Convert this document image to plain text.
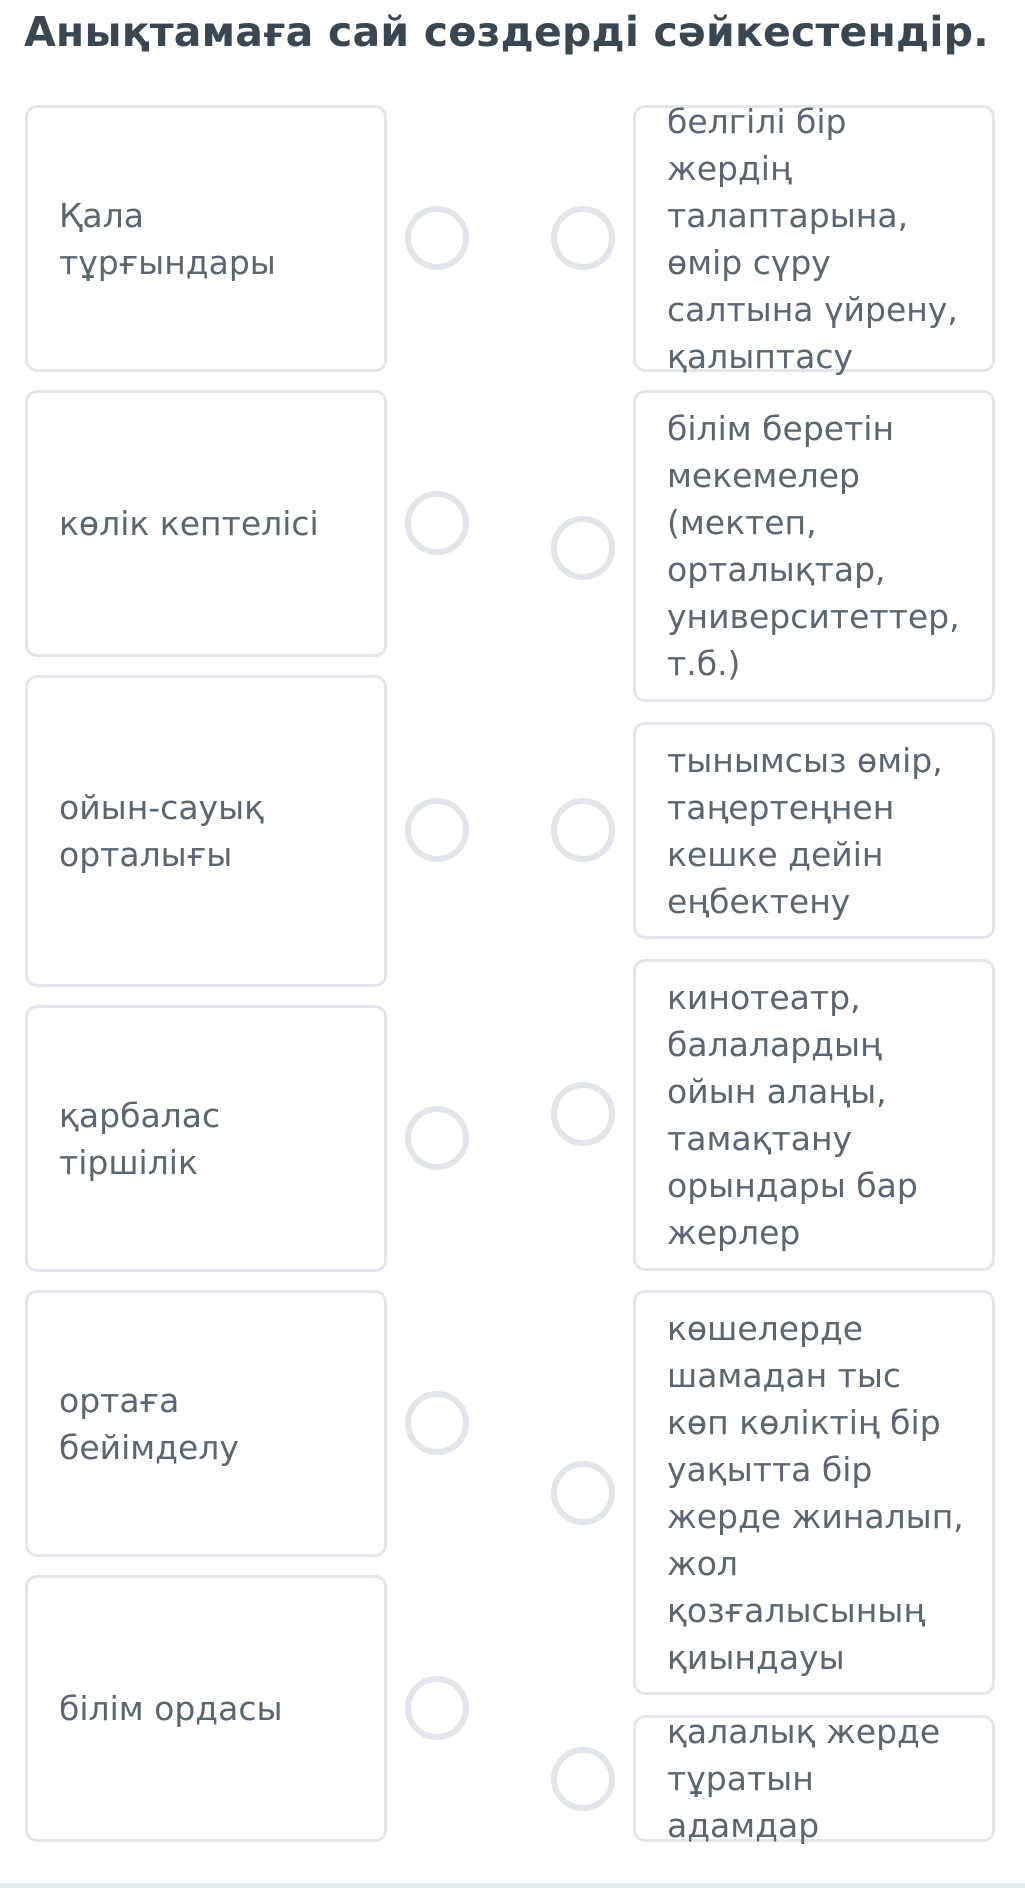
Анықтамаға сай сөздерді сәйкестендір.
Қала тұрғындары
көлік кептелісі
ойын-сауық орталығы
қарбалас тіршілік
ортаға бейімделу
білім ордасы
белгілі бір жердің талаптарына, өмір сүру салтына үйрену, қалыптасу
білім беретін мекемелер (мектеп, орталықтар, университеттер, т.б.)
тынымсыз өмір, таңертеңнен кешке дейін еңбектену
кинотеатр, балалардың ойын алаңы, тамақтану орындары бар жерлер
көшелерде шамадан тыс көп көліктің бір уақытта бір жерде жиналып, жол қозғалысының қиындауы
қалалық жерде тұратын адамдар
